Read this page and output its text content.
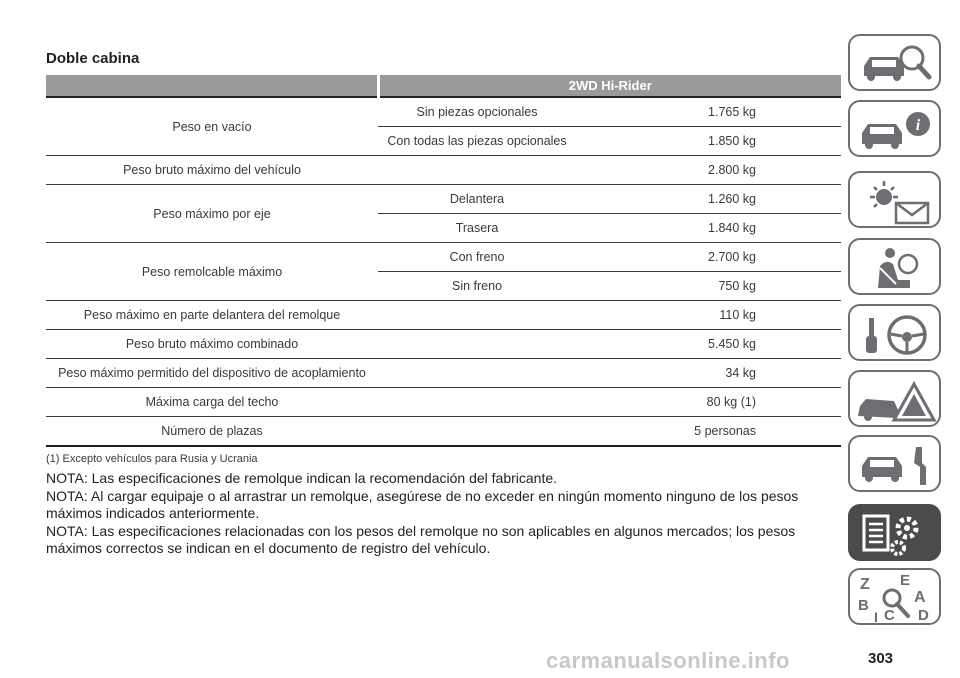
Doble cabina
	2WD Hi-Rider	
Peso en vacío	Sin piezas opcionales	1.765 kg
	Con todas las piezas opcionales	1.850 kg
Peso bruto máximo del vehículo		2.800 kg
Peso máximo por eje	Delantera	1.260 kg
	Trasera	1.840 kg
Peso remolcable máximo	Con freno	2.700 kg
	Sin freno	750 kg
Peso máximo en parte delantera del remolque		110 kg
Peso bruto máximo combinado		5.450 kg
Peso máximo permitido del dispositivo de acoplamiento		34 kg
Máxima carga del techo		80 kg (1)
Número de plazas		5 personas
(1) Excepto vehículos para Rusia y Ucrania

NOTA: Las especificaciones de remolque indican la recomendación del fabricante.

NOTA: Al cargar equipaje o al arrastrar un remolque, asegúrese de no exceder en ningún momento ninguno de los pesos máximos indicados anteriormente.

NOTA: Las especificaciones relacionadas con los pesos del remolque no son aplicables en algunos mercados; los pesos máximos correctos se indican en el documento de registro del vehículo.

i
Z E
B	A
I C D
carmanualsonline.info	303
